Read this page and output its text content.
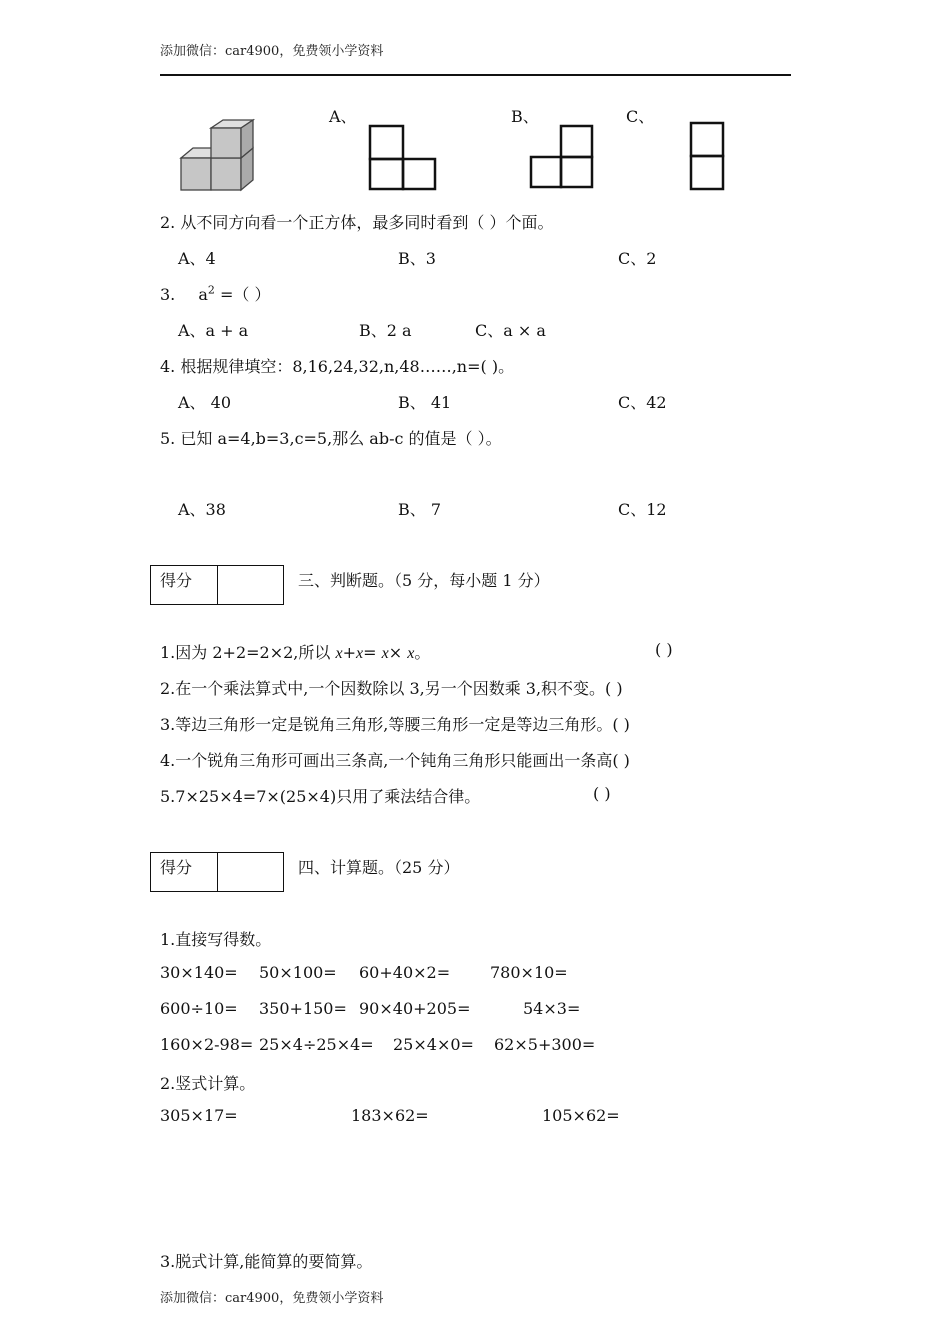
添加微信：car4900，免费领小学资料
A、	B、	C、
2. 从不同方向看一个正方体，最多同时看到（ ）个面。
A、4	B、3	C、2
3. $a^2$ =（ ）
A、a + a	B、2 a	C、a × a
4. 根据规律填空：8,16,24,32,n,48……,n=( )。
A、 40	B、 41	C、42
5. 已知 a=4,b=3,c=5,那么 ab-c 的值是（ ）。
A、38	B、 7	C、12
得分	三、判断题。（5 分，每小题 1 分）
1.因为 2+2=2×2,所以 x+x= x× x。	( )
2.在一个乘法算式中,一个因数除以 3,另一个因数乘 3,积不变。( )
3.等边三角形一定是锐角三角形,等腰三角形一定是等边三角形。( )
4.一个锐角三角形可画出三条高,一个钝角三角形只能画出一条高( )
5.7×25×4=7×(25×4)只用了乘法结合律。	( )
得分	四、计算题。（25 分）
1.直接写得数。
30×140= 50×100= 60+40×2= 780×10=
600÷10= 350+150= 90×40+205=	54×3=
160×2-98= 25×4÷25×4= 25×4×0= 62×5+300=
2.竖式计算。
305×17=	183×62=	105×62=
3.脱式计算,能简算的要简算。
添加微信：car4900，免费领小学资料
